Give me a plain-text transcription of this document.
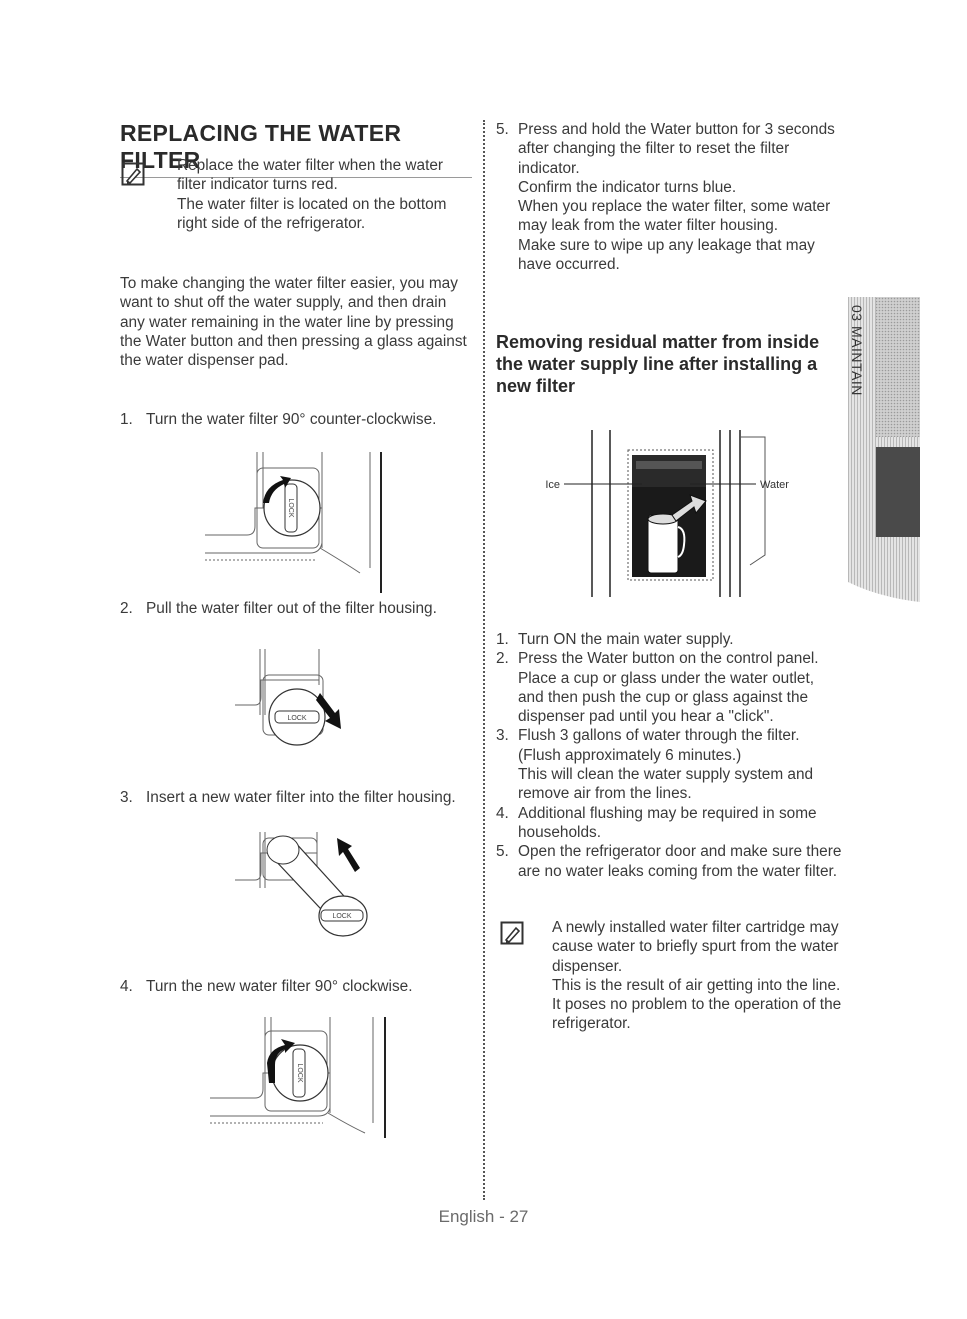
REPLACING THE WATER FILTER
Replace the water filter when the water
filter indicator turns red.
The water filter is located on the bottom
right side of the refrigerator.
To make changing the water filter easier, you may
want to shut off the water supply, and then drain
any water remaining in the water line by pressing
the Water button and then pressing a glass against
the water dispenser pad.
1. Turn the water filter 90° counter-clockwise.
LOCK
2. Pull the water filter out of the filter housing.
LOCK
3. Insert a new water filter into the filter housing.
LOCK
4. Turn the new water filter 90° clockwise.
LOCK
5. Press and hold the Water button for 3 seconds
after changing the filter to reset the filter
indicator.
Confirm the indicator turns blue.
When you replace the water filter, some water
may leak from the water filter housing.
Make sure to wipe up any leakage that may
have occurred.
Removing residual matter from inside the water supply line after installing a new filter
Ice	Water
1. Turn ON the main water supply.
2. Press the Water button on the control panel.
Place a cup or glass under the water outlet,
and then push the cup or glass against the
dispenser pad until you hear a "click".
3. Flush 3 gallons of water through the filter.
(Flush approximately 6 minutes.)
This will clean the water supply system and
remove air from the lines.
4. Additional flushing may be required in some
households.
5. Open the refrigerator door and make sure there
are no water leaks coming from the water filter.
A newly installed water filter cartridge may
cause water to briefly spurt from the water
dispenser.
This is the result of air getting into the line.
It poses no problem to the operation of the
refrigerator.
03 MAINTAIN
English - 27
